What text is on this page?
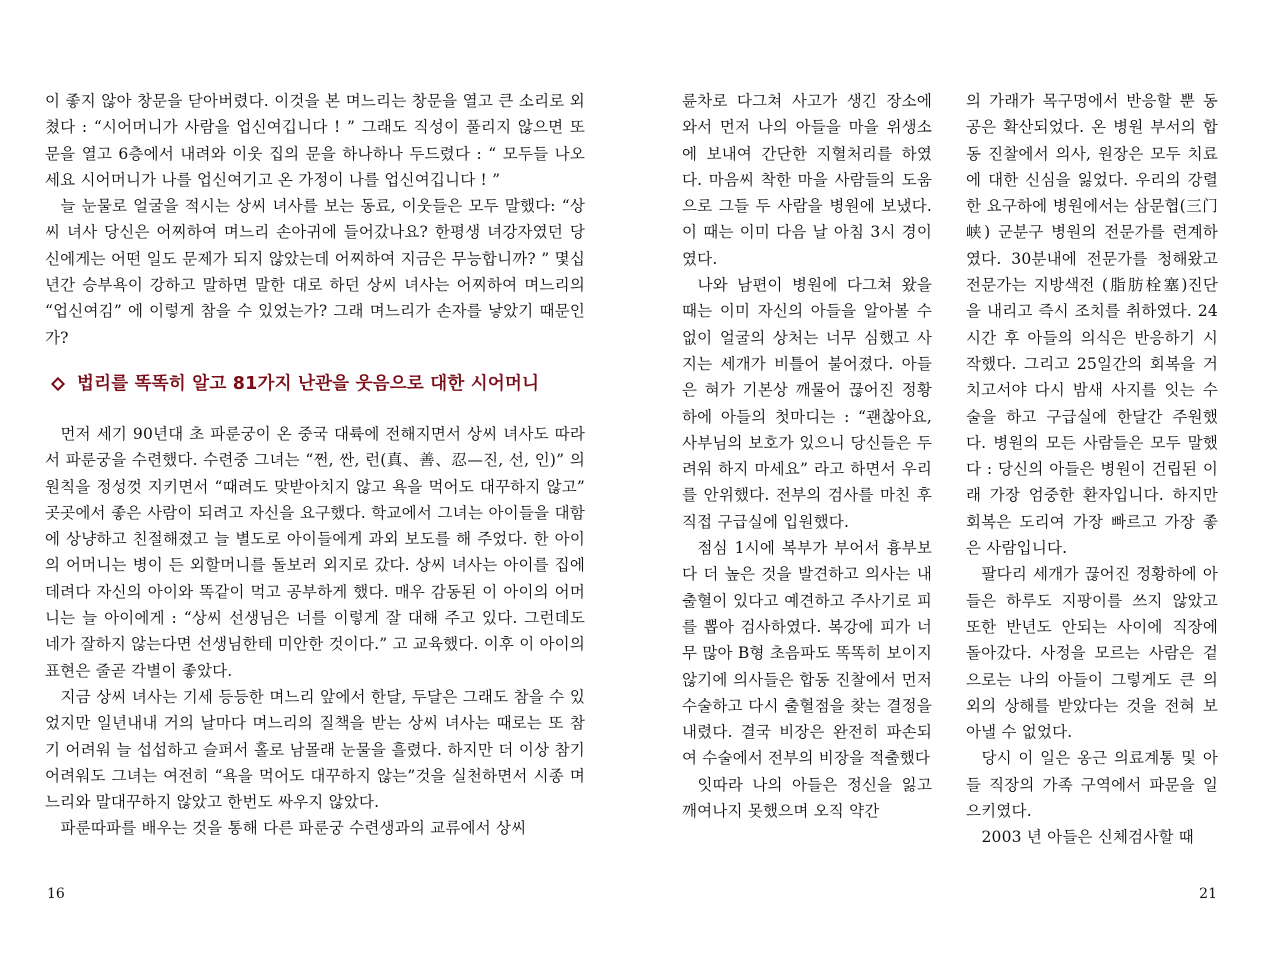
이 좋지 않아 창문을 닫아버렸다. 이것을 본 며느리는 창문을 열고 큰 소리로 외쳤다 : “시어머니가 사람을 업신여깁니다 ! ” 그래도 직성이 풀리지 않으면 또 문을 열고 6층에서 내려와 이웃 집의 문을 하나하나 두드렸다 : “ 모두들 나오세요 시어머니가 나를 업신여기고 온 가정이 나를 업신여깁니다 ! ”

늘 눈물로 얼굴을 적시는 상씨 녀사를 보는 동료, 이웃들은 모두 말했다: “상씨 녀사 당신은 어찌하여 며느리 손아귀에 들어갔나요? 한평생 녀강자였던 당신에게는 어떤 일도 문제가 되지 않았는데 어찌하여 지금은 무능합니까? ” 몇십년간 승부욕이 강하고 말하면 말한 대로 하던 상씨 녀사는 어찌하여 며느리의 “업신여김” 에 이렇게 참을 수 있었는가? 그래 며느리가 손자를 낳았기 때문인가?

법리를 똑똑히 알고 81가지 난관을 웃음으로 대한 시어머니

먼저 세기 90년대 초 파룬궁이 온 중국 대륙에 전해지면서 상씨 녀사도 따라서 파룬궁을 수련했다. 수련중 그녀는 “쩐, 싼, 런(真、善、忍—진, 선, 인)” 의 원칙을 정성껏 지키면서 “때려도 맞받아치지 않고 욕을 먹어도 대꾸하지 않고” 곳곳에서 좋은 사람이 되려고 자신을 요구했다. 학교에서 그녀는 아이들을 대함에 상냥하고 친절해졌고 늘 별도로 아이들에게 과외 보도를 해 주었다. 한 아이의 어머니는 병이 든 외할머니를 돌보러 외지로 갔다. 상씨 녀사는 아이를 집에 데려다 자신의 아이와 똑같이 먹고 공부하게 했다. 매우 감동된 이 아이의 어머니는 늘 아이에게 : “상씨 선생님은 너를 이렇게 잘 대해 주고 있다. 그런데도 네가 잘하지 않는다면 선생님한테 미안한 것이다.” 고 교육했다. 이후 이 아이의 표현은 줄곧 각별이 좋았다.

지금 상씨 녀사는 기세 등등한 며느리 앞에서 한달, 두달은 그래도 참을 수 있었지만 일년내내 거의 날마다 며느리의 질책을 받는 상씨 녀사는 때로는 또 참기 어려워 늘 섭섭하고 슬퍼서 홀로 남몰래 눈물을 흘렸다. 하지만 더 이상 참기 어려워도 그녀는 여전히 “욕을 먹어도 대꾸하지 않는”것을 실천하면서 시종 며느리와 말대꾸하지 않았고 한번도 싸우지 않았다.

파룬따파를 배우는 것을 통해 다른 파룬궁 수련생과의 교류에서 상씨

16

륜차로 다그쳐 사고가 생긴 장소에 와서 먼저 나의 아들을 마을 위생소에 보내여 간단한 지혈처리를 하였다. 마음씨 착한 마을 사람들의 도움으로 그들 두 사람을 병원에 보냈다. 이 때는 이미 다음 날 아침 3시 경이였다.

나와 남편이 병원에 다그쳐 왔을 때는 이미 자신의 아들을 알아볼 수 없이 얼굴의 상처는 너무 심했고 사지는 세개가 비틀어 불어졌다. 아들은 혀가 기본상 깨물어 끊어진 정황하에 아들의 첫마디는 : “괜찮아요, 사부님의 보호가 있으니 당신들은 두려워 하지 마세요” 라고 하면서 우리를 안위했다. 전부의 검사를 마친 후 직접 구급실에 입원했다.

점심 1시에 복부가 부어서 흉부보다 더 높은 것을 발견하고 의사는 내출혈이 있다고 예견하고 주사기로 피를 뽑아 검사하였다. 복강에 피가 너무 많아 B형 초음파도 똑똑히 보이지 않기에 의사들은 합동 진찰에서 먼저 수술하고 다시 출혈점을 찾는 결정을 내렸다. 결국 비장은 완전히 파손되여 수술에서 전부의 비장을 적출했다

잇따라 나의 아들은 정신을 잃고 깨여나지 못했으며 오직 약간

의 가래가 목구멍에서 반응할 뿐 동공은 확산되었다. 온 병원 부서의 합동 진찰에서 의사, 원장은 모두 치료에 대한 신심을 잃었다. 우리의 강렬한 요구하에 병원에서는 삼문협(三门峡) 군분구 병원의 전문가를 련계하였다. 30분내에 전문가를 청해왔고 전문가는 지방색전 (脂肪栓塞)진단을 내리고 즉시 조치를 취하였다. 24시간 후 아들의 의식은 반응하기 시작했다. 그리고 25일간의 회복을 거치고서야 다시 밤새 사지를 잇는 수술을 하고 구급실에 한달간 주원했다. 병원의 모든 사람들은 모두 말했다 : 당신의 아들은 병원이 건립된 이래 가장 엄중한 환자입니다. 하지만 회복은 도리여 가장 빠르고 가장 좋은 사람입니다.

팔다리 세개가 끊어진 정황하에 아들은 하루도 지팡이를 쓰지 않았고 또한 반년도 안되는 사이에 직장에 돌아갔다. 사정을 모르는 사람은 겉으로는 나의 아들이 그렇게도 큰 의외의 상해를 받았다는 것을 전혀 보아낼 수 없었다.

당시 이 일은 옹근 의료계통 및 아들 직장의 가족 구역에서 파문을 일으키였다.

2003 년 아들은 신체검사할 때

21
